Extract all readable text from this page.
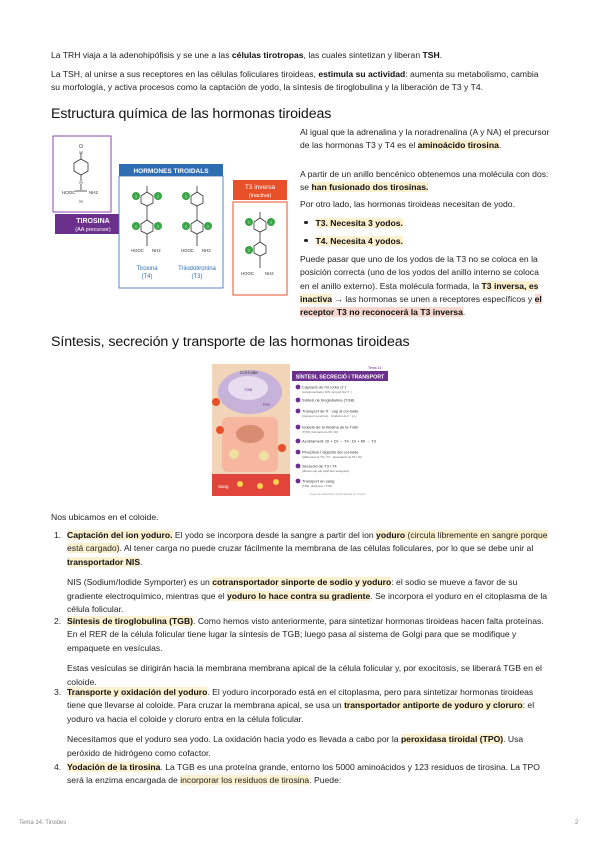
La TRH viaja a la adenohipófisis y se une a las células tirotropas, las cuales sintetizan y liberan TSH.
La TSH, al unirse a sus receptores en las células foliculares tiroideas, estimula su actividad: aumenta su metabolismo, cambia su morfología, y activa procesos como la captación de yodo, la síntesis de tiroglobulina y la liberación de T3 y T4.
Estructura química de las hormonas tiroideas
O
H
H
HOOC	NH2
H
TIROSINA
(AA precursor)
HORMONES TIROIDALS
I	I
I	I
HOOC NH2
Tiroxina
(T4)
I
I	I
HOOC NH2
Triiodotironina
(T3)
T3 inversa
(inactiva)
I	I
I
HOOC	NH2
Al igual que la adrenalina y la noradrenalina (A y NA) el precursor de las hormonas T3 y T4 es el aminoácido tirosina.
A partir de un anillo bencénico obtenemos una molécula con dos: se han fusionado dos tirosinas.
Por otro lado, las hormonas tiroideas necesitan de yodo.
T3. Necesita 3 yodos.
T4. Necesita 4 yodos.
Puede pasar que uno de los yodos de la T3 no se coloca en la posición correcta (uno de los yodos del anillo interno se coloca en el anillo externo). Esta molécula formada, la T3 inversa, es inactiva → las hormonas se unen a receptores específicos y el receptor T3 no reconocerá la T3 inversa.
Síntesis, secreción y transporte de las hormonas tiroideas
Col·loide
TGB
TPO
Sang
Tema 14
SÍNTESI, SECRECIÓ i TRANSPORT
Captació de l'iò iodur (I⁻)
(cotransportador NIS: simport Na⁺/I⁻)
Síntesi de tiroglobulina (TGB)
Transport de l'I⁻ cap al col·loide
(transport pendrina) · Oxidació del I⁻ a I₂
Iodació de la tirosina de la TGB
(TPO) (formació de MI i DI)
Acoblament: DI + DI → T4 ; DI + MI → T3
Pinocitosi i digestió del col·loide
(alliberament TG i T4 · desiodació de MI i DI)
Secreció de T3 i T4
(difusió cap als capil·lars sanguinis)
Transport en sang
(TBG, albúmina i TTR)
Figura de elaboración propia basada en: Guyton
Nos ubicamos en el coloide.
1. Captación del ion yoduro. El yodo se incorpora desde la sangre a partir del ion yoduro (circula libremente en sangre porque está cargado). Al tener carga no puede cruzar fácilmente la membrana de las células foliculares, por lo que se debe unir al transportador NIS.
NIS (Sodium/Iodide Symporter) es un cotransportador sinporte de sodio y yoduro: el sodio se mueve a favor de su gradiente electroquímico, mientras que el yoduro lo hace contra su gradiente. Se incorpora el yoduro en el citoplasma de la célula folicular.
2. Síntesis de tiroglobulina (TGB). Como hemos visto anteriormente, para sintetizar hormonas tiroideas hacen falta proteínas. En el RER de la célula folicular tiene lugar la síntesis de TGB; luego pasa al sistema de Golgi para que se modifique y empaquete en vesículas.
Estas vesículas se dirigirán hacia la membrana membrana apical de la célula folicular y, por exocitosis, se liberará TGB en el coloide.
3. Transporte y oxidación del yoduro. El yoduro incorporado está en el citoplasma, pero para sintetizar hormonas tiroideas tiene que llevarse al coloide. Para cruzar la membrana apical, se usa un transportador antiporte de yoduro y cloruro: el yoduro va hacia el coloide y cloruro entra en la célula folicular.
Necesitamos que el yoduro sea yodo. La oxidación hacia yodo es llevada a cabo por la peroxidasa tiroidal (TPO). Usa peróxido de hidrógeno como cofactor.
4. Yodación de la tirosina. La TGB es una proteína grande, entorno los 5000 aminoácidos y 123 residuos de tirosina. La TPO será la enzima encargada de incorporar los residuos de tirosina. Puede:
Tema 14. Tiroides	2
